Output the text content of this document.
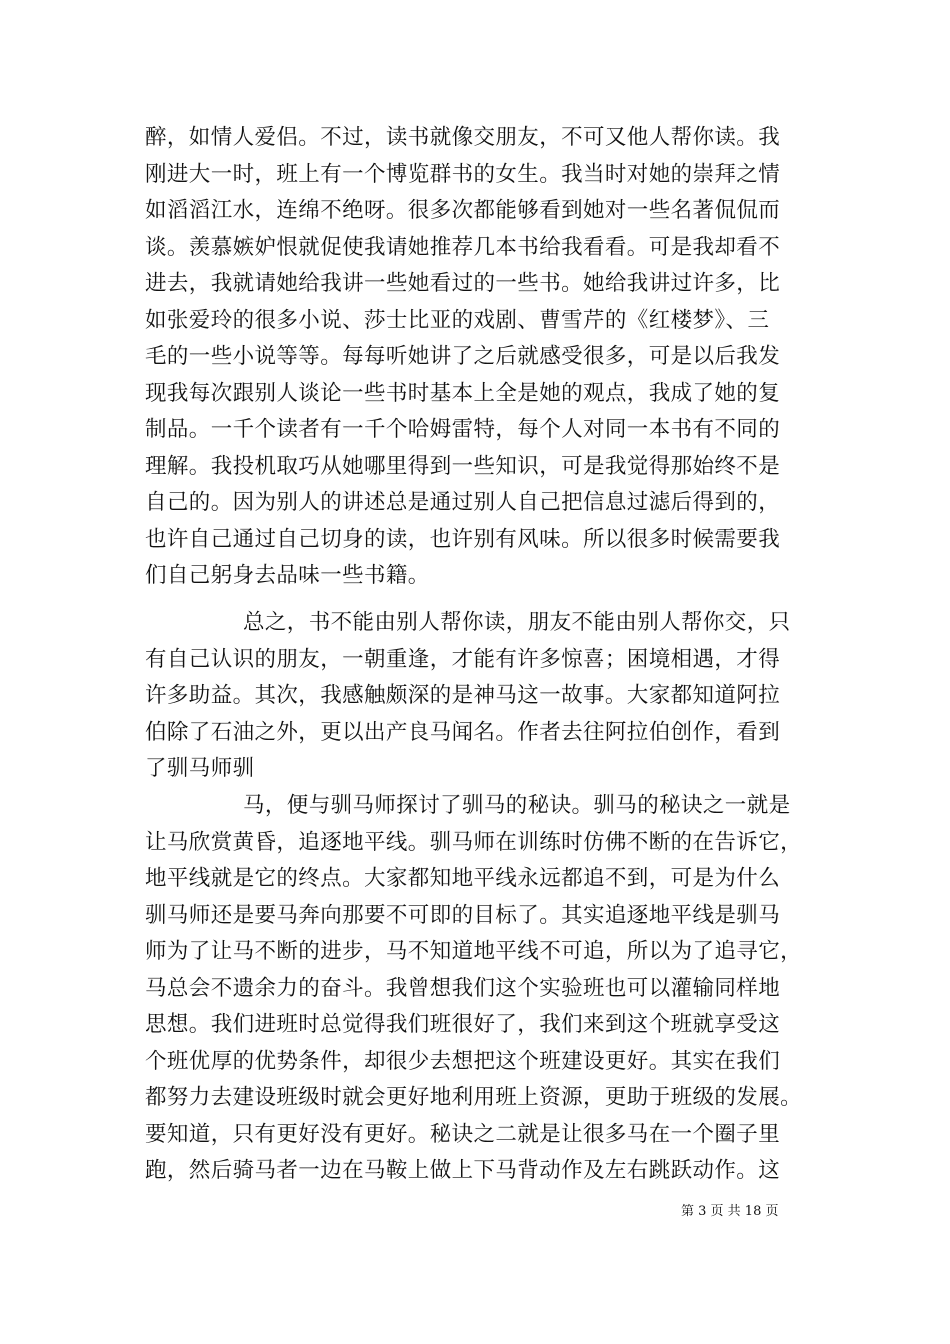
醉，如情人爱侣。不过，读书就像交朋友，不可又他人帮你读。我
刚进大一时，班上有一个博览群书的女生。我当时对她的崇拜之情
如滔滔江水，连绵不绝呀。很多次都能够看到她对一些名著侃侃而
谈。羡慕嫉妒恨就促使我请她推荐几本书给我看看。可是我却看不
进去，我就请她给我讲一些她看过的一些书。她给我讲过许多，比
如张爱玲的很多小说、莎士比亚的戏剧、曹雪芹的《红楼梦》、三
毛的一些小说等等。每每听她讲了之后就感受很多，可是以后我发
现我每次跟别人谈论一些书时基本上全是她的观点，我成了她的复
制品。一千个读者有一千个哈姆雷特，每个人对同一本书有不同的
理解。我投机取巧从她哪里得到一些知识，可是我觉得那始终不是
自己的。因为别人的讲述总是通过别人自己把信息过滤后得到的，
也许自己通过自己切身的读，也许别有风味。所以很多时候需要我
们自己躬身去品味一些书籍。
总之，书不能由别人帮你读，朋友不能由别人帮你交，只
有自己认识的朋友，一朝重逢，才能有许多惊喜；困境相遇，才得
许多助益。其次，我感触颇深的是神马这一故事。大家都知道阿拉
伯除了石油之外，更以出产良马闻名。作者去往阿拉伯创作，看到
了驯马师驯
马，便与驯马师探讨了驯马的秘诀。驯马的秘诀之一就是
让马欣赏黄昏，追逐地平线。驯马师在训练时仿佛不断的在告诉它，
地平线就是它的终点。大家都知地平线永远都追不到，可是为什么
驯马师还是要马奔向那要不可即的目标了。其实追逐地平线是驯马
师为了让马不断的进步，马不知道地平线不可追，所以为了追寻它，
马总会不遗余力的奋斗。我曾想我们这个实验班也可以灌输同样地
思想。我们进班时总觉得我们班很好了，我们来到这个班就享受这
个班优厚的优势条件，却很少去想把这个班建设更好。其实在我们
都努力去建设班级时就会更好地利用班上资源，更助于班级的发展。
要知道，只有更好没有更好。秘诀之二就是让很多马在一个圈子里
跑，然后骑马者一边在马鞍上做上下马背动作及左右跳跃动作。这
第 3 页 共 18 页
